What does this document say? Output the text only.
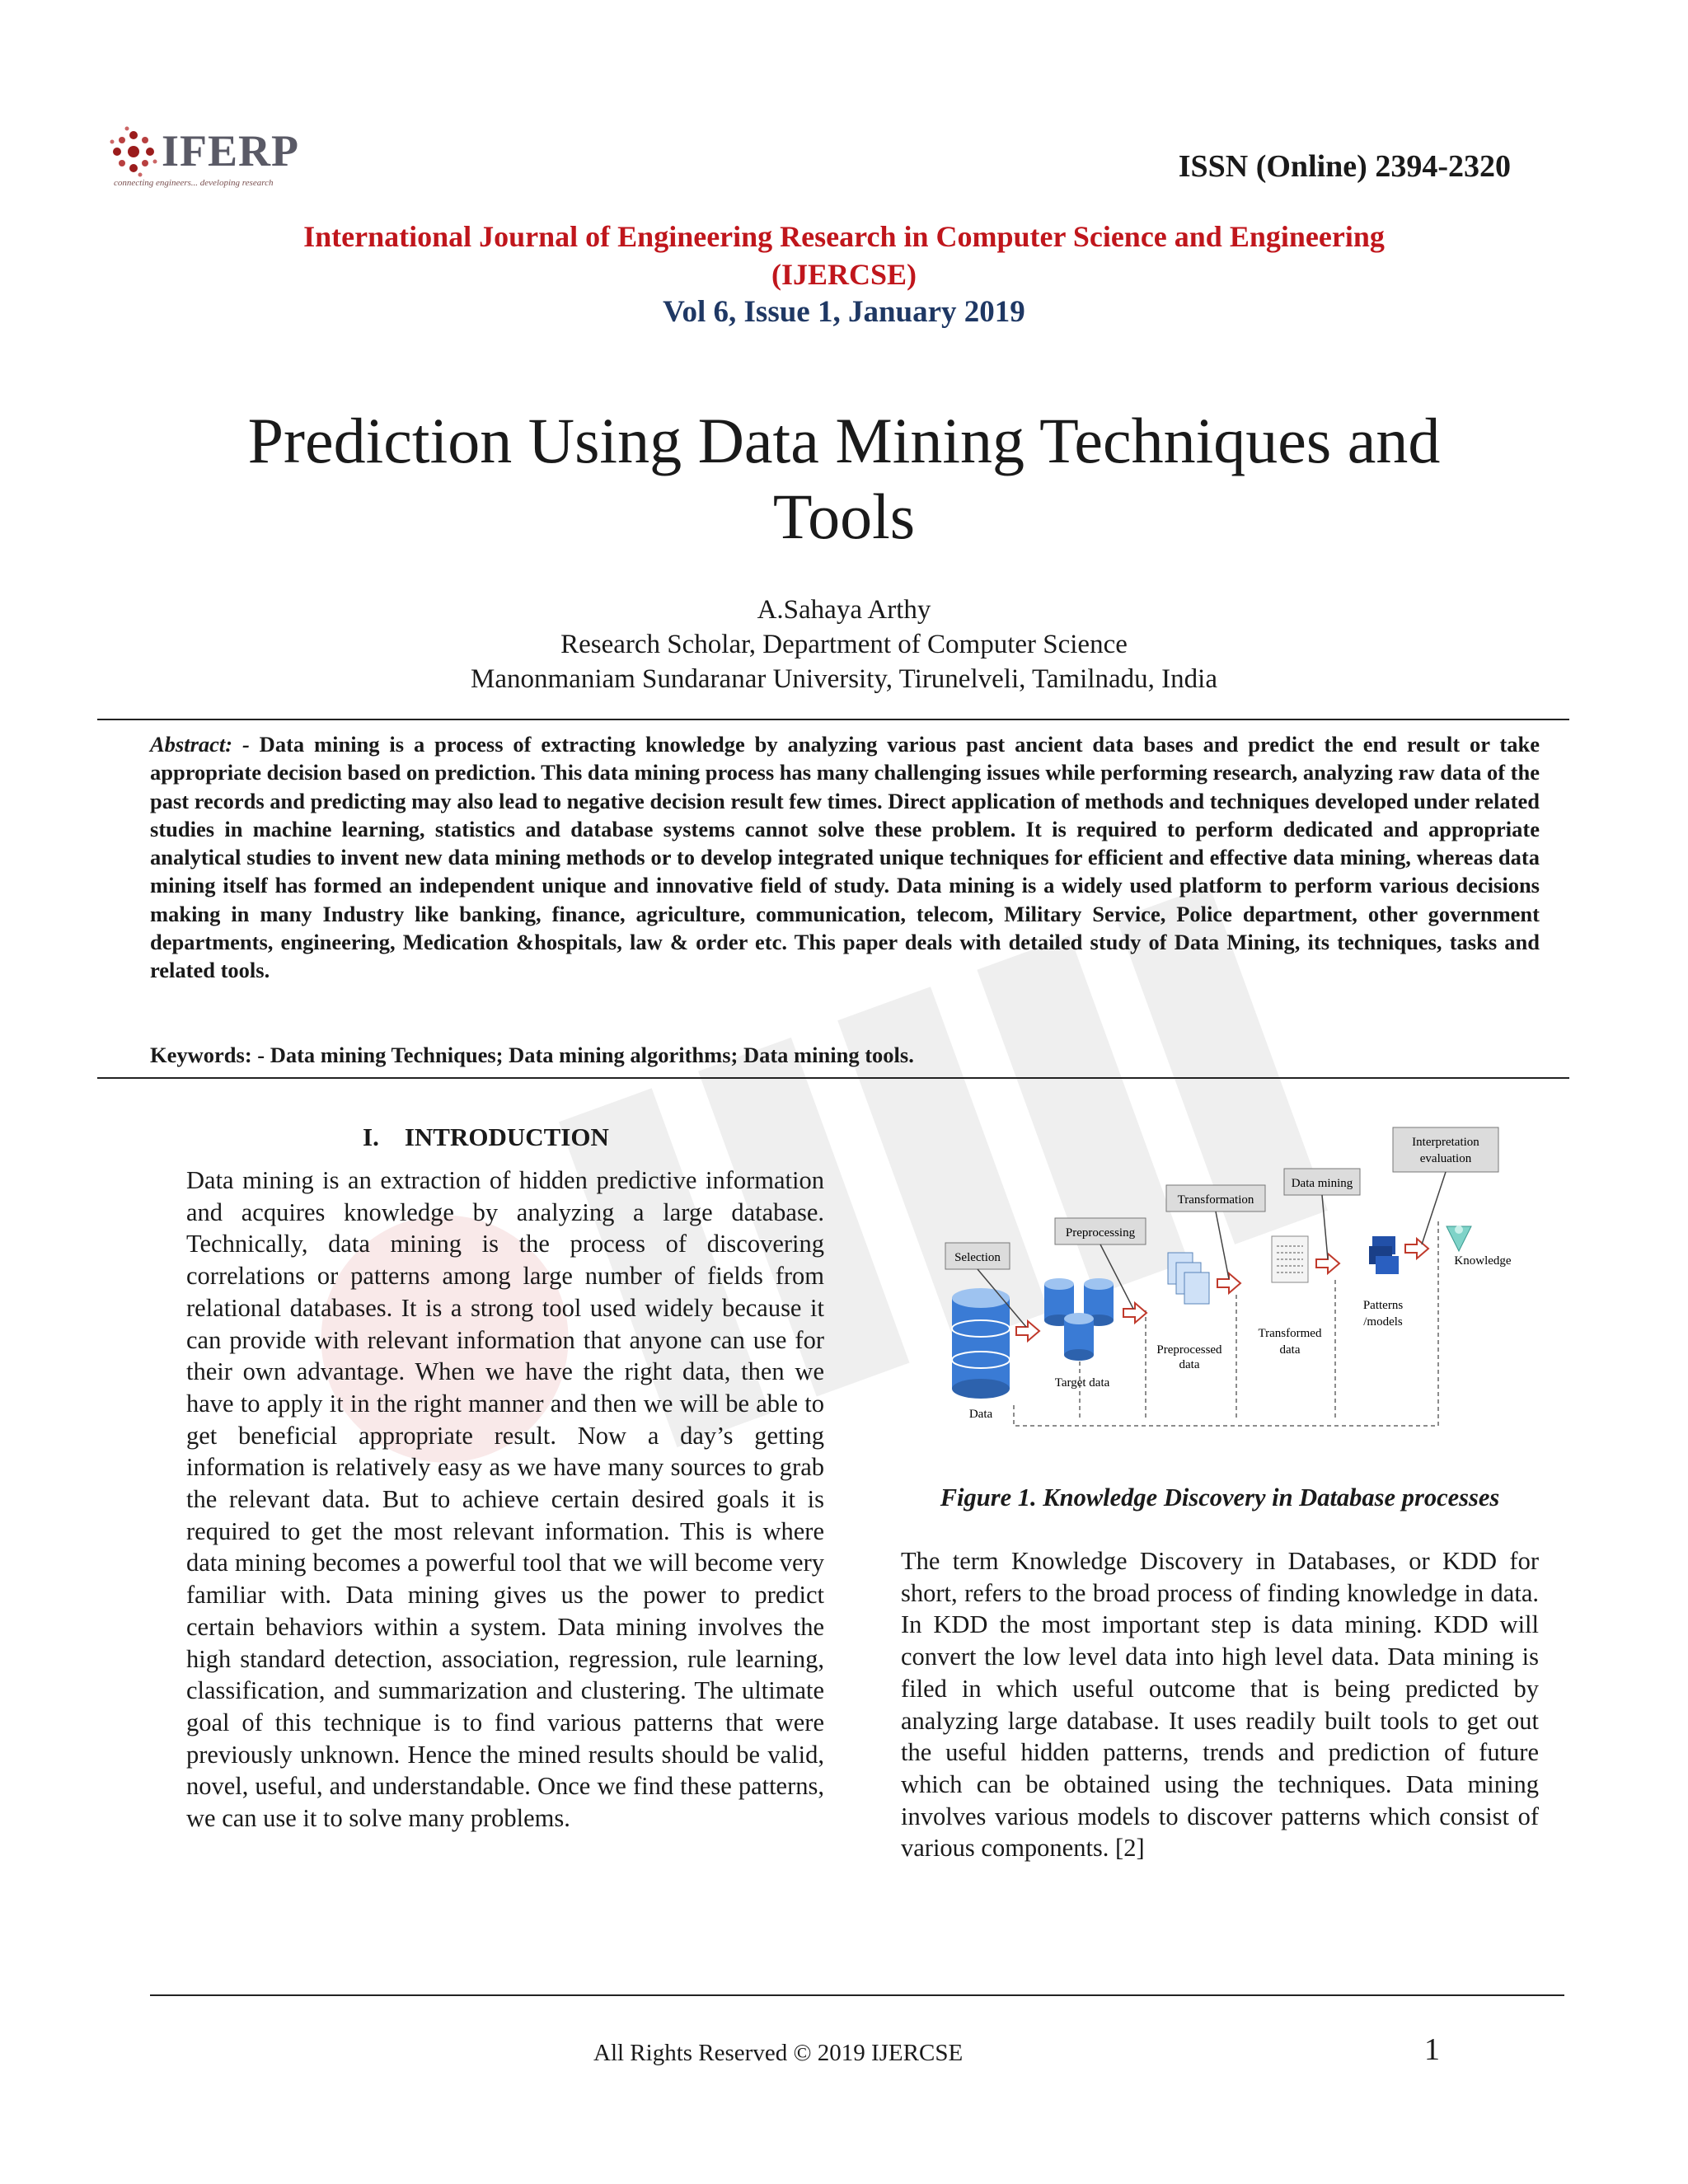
IFERP
connecting engineers... developing research	ISSN (Online) 2394-2320
International Journal of Engineering Research in Computer Science and Engineering
(IJERCSE)
Vol 6, Issue 1, January 2019
Prediction Using Data Mining Techniques and
Tools
A.Sahaya Arthy
Research Scholar, Department of Computer Science
Manonmaniam Sundaranar University, Tirunelveli, Tamilnadu, India
Abstract: - Data mining is a process of extracting knowledge by analyzing various past ancient data bases and predict the end result or take appropriate decision based on prediction. This data mining process has many challenging issues while performing research, analyzing raw data of the past records and predicting may also lead to negative decision result few times. Direct application of methods and techniques developed under related studies in machine learning, statistics and database systems cannot solve these problem. It is required to perform dedicated and appropriate analytical studies to invent new data mining methods or to develop integrated unique techniques for efficient and effective data mining, whereas data mining itself has formed an independent unique and innovative field of study. Data mining is a widely used platform to perform various decisions making in many Industry like banking, finance, agriculture, communication, telecom, Military Service, Police department, other government departments, engineering, Medication &hospitals, law & order etc. This paper deals with detailed study of Data Mining, its techniques, tasks and related tools.
Keywords: - Data mining Techniques; Data mining algorithms; Data mining tools.
I.    INTRODUCTION
Data mining is an extraction of hidden predictive information and acquires knowledge by analyzing a large database. Technically, data mining is the process of discovering correlations or patterns among large number of fields from relational databases. It is a strong tool used widely because it can provide with relevant information that anyone can use for their own advantage. When we have the right data, then we have to apply it in the right manner and then we will be able to get beneficial appropriate result. Now a day’s getting information is relatively easy as we have many sources to grab the relevant data. But to achieve certain desired goals it is required to get the most relevant information. This is where data mining becomes a powerful tool that we will become very familiar with. Data mining gives us the power to predict certain behaviors within a system. Data mining involves the high standard detection, association, regression, rule learning, classification, and summarization and clustering. The ultimate goal of this technique is to find various patterns that were previously unknown. Hence the mined results should be valid, novel, useful, and understandable. Once we find these patterns, we can use it to solve many problems.
Selection
Preprocessing
Transformation
Data mining
Interpretation
evaluation
Data
Target data
Preprocessed
data
Transformed
data
Patterns
/models
Knowledge
Figure 1. Knowledge Discovery in Database processes
The term Knowledge Discovery in Databases, or KDD for short, refers to the broad process of finding knowledge in data. In KDD the most important step is data mining. KDD will convert the low level data into high level data. Data mining is filed in which useful outcome that is being predicted by analyzing large database. It uses readily built tools to get out the useful hidden patterns, trends and prediction of future which can be obtained using the techniques. Data mining involves various models to discover patterns which consist of various components. [2]
All Rights Reserved © 2019 IJERCSE	1
